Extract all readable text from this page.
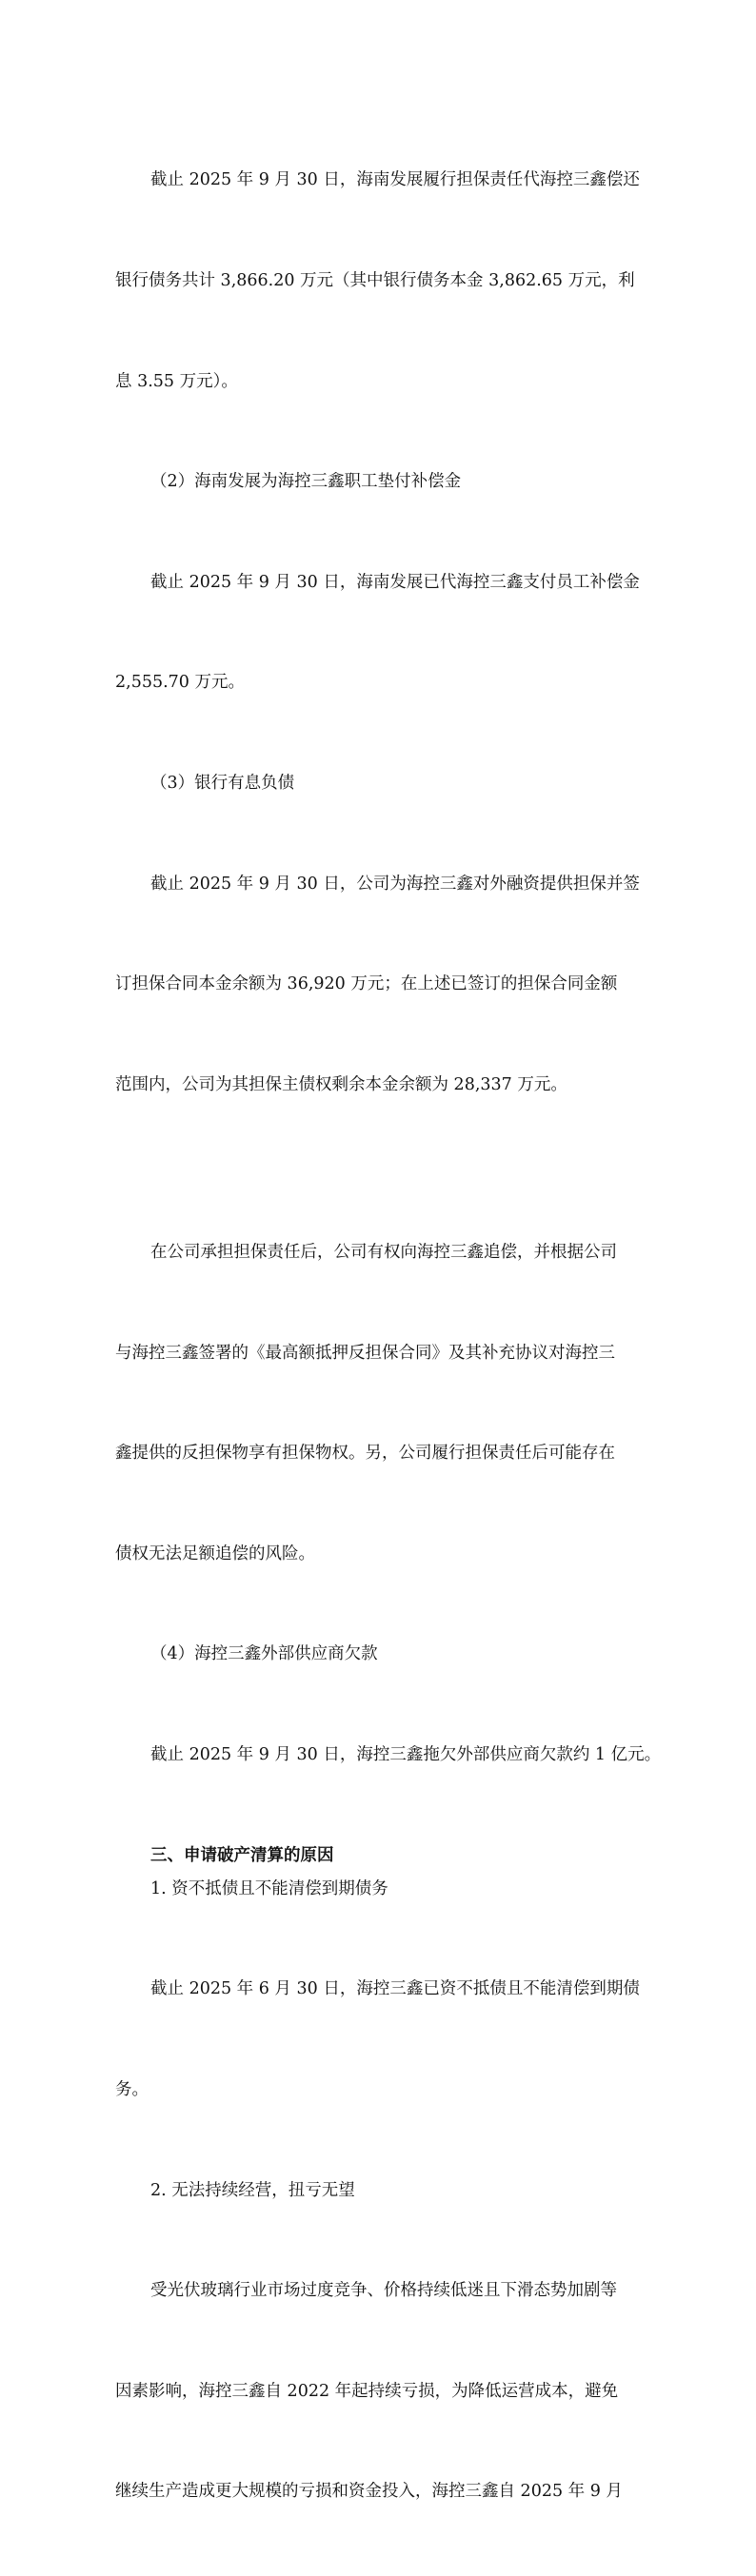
截止 2025 年 9 月 30 日，海南发展履行担保责任代海控三鑫偿还

银行债务共计 3,866.20 万元（其中银行债务本金 3,862.65 万元，利

息 3.55 万元）。

（2）海南发展为海控三鑫职工垫付补偿金

截止 2025 年 9 月 30 日，海南发展已代海控三鑫支付员工补偿金

2,555.70 万元。

（3）银行有息负债

截止 2025 年 9 月 30 日，公司为海控三鑫对外融资提供担保并签

订担保合同本金余额为 36,920 万元；在上述已签订的担保合同金额

范围内，公司为其担保主债权剩余本金余额为 28,337 万元。

在公司承担担保责任后，公司有权向海控三鑫追偿，并根据公司

与海控三鑫签署的《最高额抵押反担保合同》及其补充协议对海控三

鑫提供的反担保物享有担保物权。另，公司履行担保责任后可能存在

债权无法足额追偿的风险。

（4）海控三鑫外部供应商欠款

截止 2025 年 9 月 30 日，海控三鑫拖欠外部供应商欠款约 1 亿元。

三、申请破产清算的原因

1. 资不抵债且不能清偿到期债务

截止 2025 年 6 月 30 日，海控三鑫已资不抵债且不能清偿到期债

务。

2. 无法持续经营，扭亏无望

受光伏玻璃行业市场过度竞争、价格持续低迷且下滑态势加剧等

因素影响，海控三鑫自 2022 年起持续亏损，为降低运营成本，避免

继续生产造成更大规模的亏损和资金投入，海控三鑫自 2025 年 9 月
